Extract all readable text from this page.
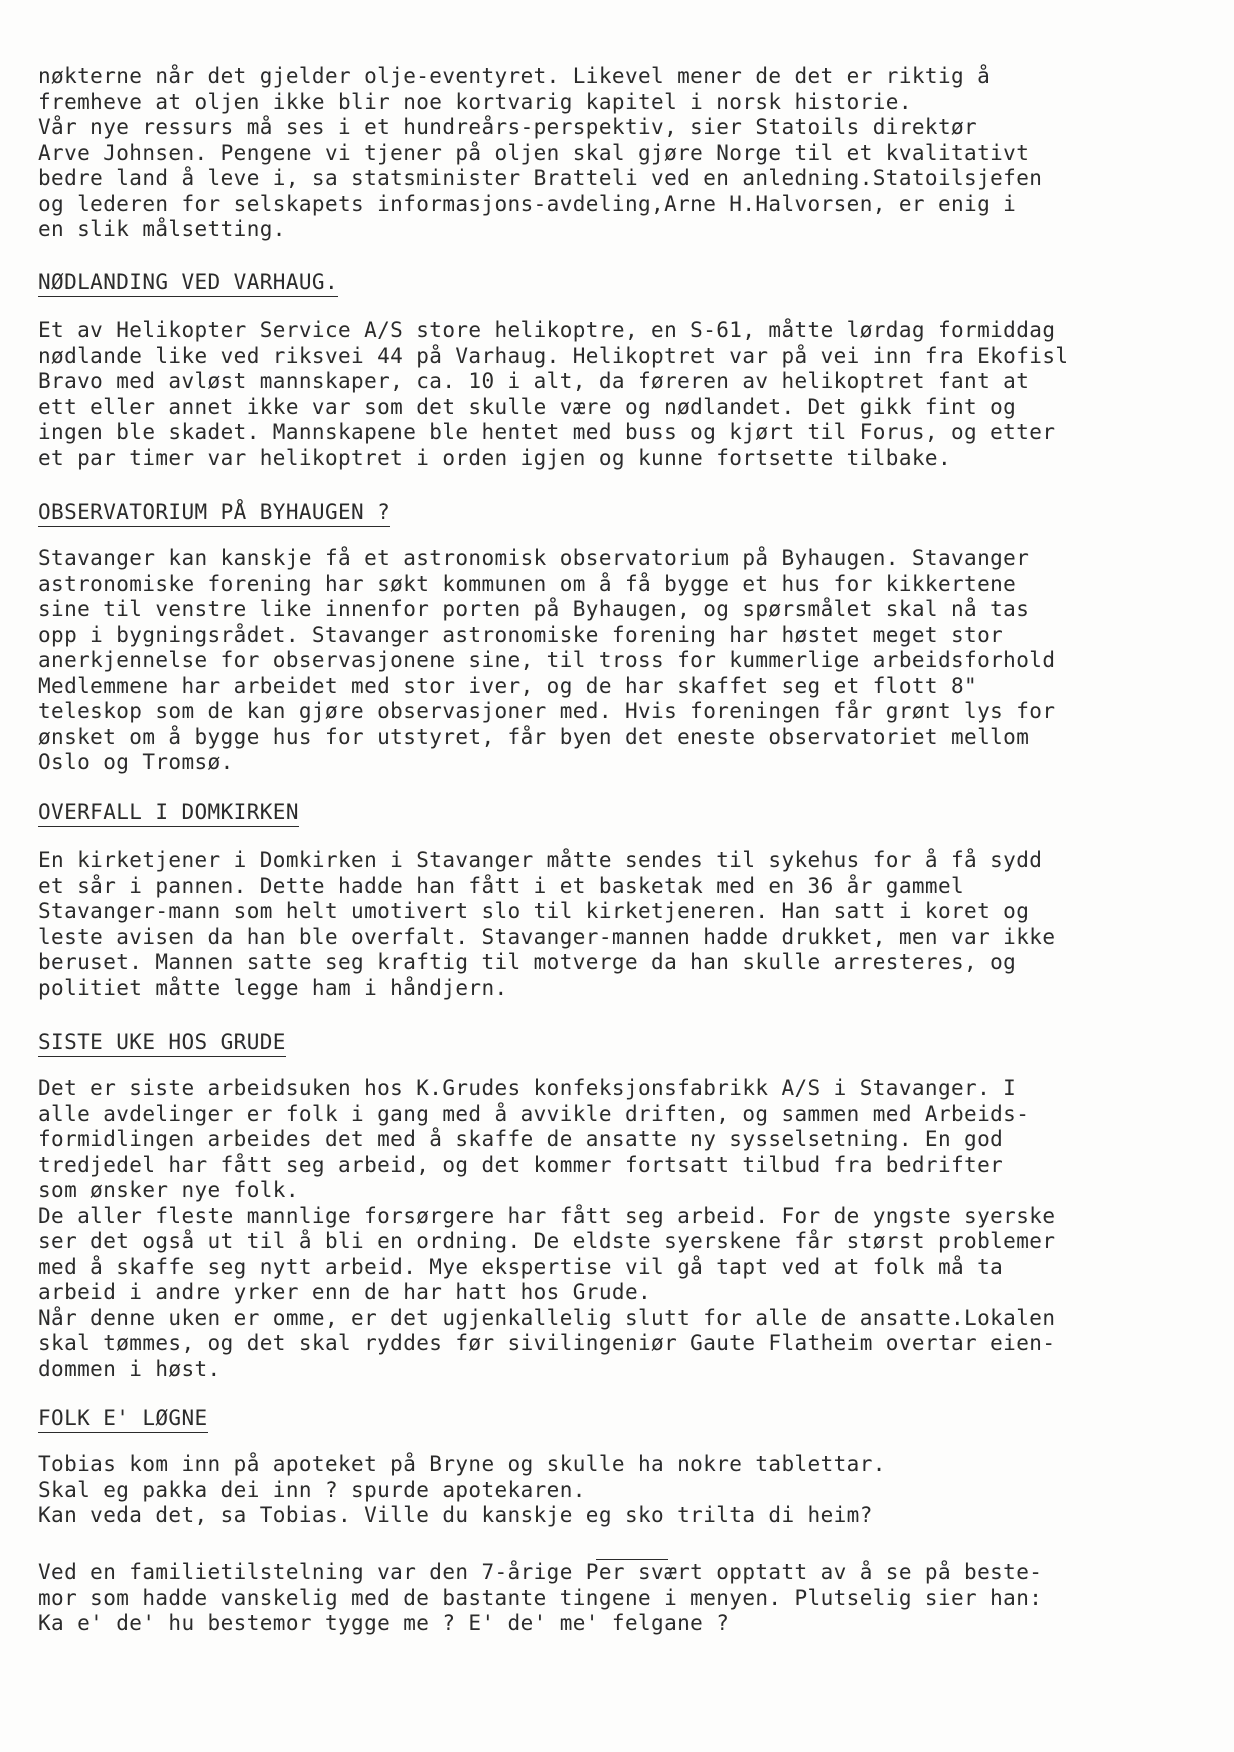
nøkterne når det gjelder olje-eventyret. Likevel mener de det er riktig å
fremheve at oljen ikke blir noe kortvarig kapitel i norsk historie.
Vår nye ressurs må ses i et hundreårs-perspektiv, sier Statoils direktør
Arve Johnsen. Pengene vi tjener på oljen skal gjøre Norge til et kvalitativt
bedre land å leve i, sa statsminister Bratteli ved en anledning.Statoilsjefen
og lederen for selskapets informasjons-avdeling,Arne H.Halvorsen, er enig i
en slik målsetting.
NØDLANDING VED VARHAUG.
Et av Helikopter Service A/S store helikoptre, en S-61, måtte lørdag formiddag
nødlande like ved riksvei 44 på Varhaug. Helikoptret var på vei inn fra Ekofisl
Bravo med avløst mannskaper, ca. 10 i alt, da føreren av helikoptret fant at
ett eller annet ikke var som det skulle være og nødlandet. Det gikk fint og
ingen ble skadet. Mannskapene ble hentet med buss og kjørt til Forus, og etter
et par timer var helikoptret i orden igjen og kunne fortsette tilbake.
OBSERVATORIUM PÅ BYHAUGEN ?
Stavanger kan kanskje få et astronomisk observatorium på Byhaugen. Stavanger
astronomiske forening har søkt kommunen om å få bygge et hus for kikkertene
sine til venstre like innenfor porten på Byhaugen, og spørsmålet skal nå tas
opp i bygningsrådet. Stavanger astronomiske forening har høstet meget stor
anerkjennelse for observasjonene sine, til tross for kummerlige arbeidsforhold
Medlemmene har arbeidet med stor iver, og de har skaffet seg et flott 8"
teleskop som de kan gjøre observasjoner med. Hvis foreningen får grønt lys for
ønsket om å bygge hus for utstyret, får byen det eneste observatoriet mellom
Oslo og Tromsø.
OVERFALL I DOMKIRKEN
En kirketjener i Domkirken i Stavanger måtte sendes til sykehus for å få sydd
et sår i pannen. Dette hadde han fått i et basketak med en 36 år gammel
Stavanger-mann som helt umotivert slo til kirketjeneren. Han satt i koret og
leste avisen da han ble overfalt. Stavanger-mannen hadde drukket, men var ikke
beruset. Mannen satte seg kraftig til motverge da han skulle arresteres, og
politiet måtte legge ham i håndjern.
SISTE UKE HOS GRUDE
Det er siste arbeidsuken hos K.Grudes konfeksjonsfabrikk A/S i Stavanger. I
alle avdelinger er folk i gang med å avvikle driften, og sammen med Arbeids-
formidlingen arbeides det med å skaffe de ansatte ny sysselsetning. En god
tredjedel har fått seg arbeid, og det kommer fortsatt tilbud fra bedrifter
som ønsker nye folk.
De aller fleste mannlige forsørgere har fått seg arbeid. For de yngste syerske
ser det også ut til å bli en ordning. De eldste syerskene får størst problemer
med å skaffe seg nytt arbeid. Mye ekspertise vil gå tapt ved at folk må ta
arbeid i andre yrker enn de har hatt hos Grude.
Når denne uken er omme, er det ugjenkallelig slutt for alle de ansatte.Lokalen
skal tømmes, og det skal ryddes før sivilingeniør Gaute Flatheim overtar eien-
dommen i høst.
FOLK E' LØGNE
Tobias kom inn på apoteket på Bryne og skulle ha nokre tablettar.
Skal eg pakka dei inn ? spurde apotekaren.
Kan veda det, sa Tobias. Ville du kanskje eg sko trilta di heim?
Ved en familietilstelning var den 7-årige Per svært opptatt av å se på beste-
mor som hadde vanskelig med de bastante tingene i menyen. Plutselig sier han:
Ka e' de' hu bestemor tygge me ? E' de' me' felgane ?
